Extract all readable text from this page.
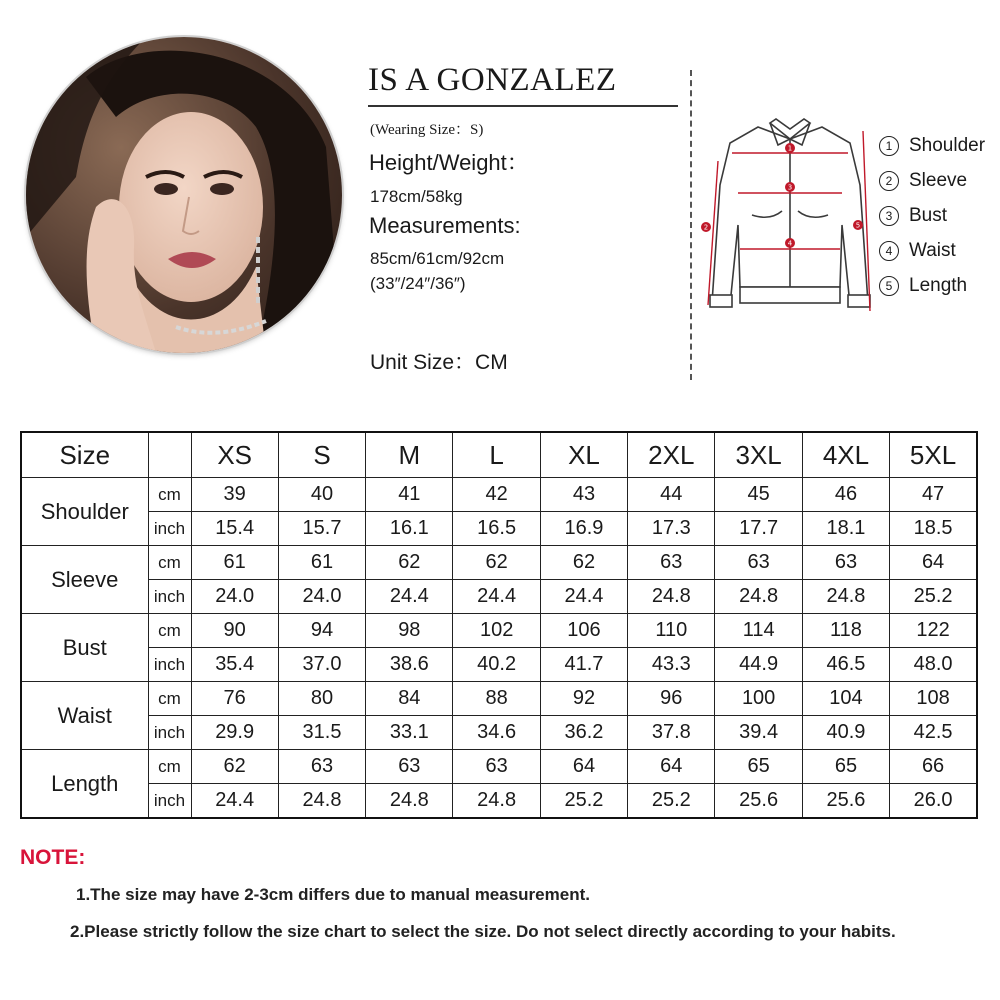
IS A GONZALEZ
(Wearing Size：S)
Height/Weight：
178cm/58kg
Measurements:
85cm/61cm/92cm
(33″/24″/36″)
Unit Size：CM
1
2
3
4
5
1 Shoulder
2 Sleeve
3 Bust
4 Waist
5 Length
Size		XS	S	M	L	XL	2XL	3XL	4XL	5XL
Shoulder	cm	39	40	41	42	43	44	45	46	47
	inch	15.4	15.7	16.1	16.5	16.9	17.3	17.7	18.1	18.5
Sleeve	cm	61	61	62	62	62	63	63	63	64
	inch	24.0	24.0	24.4	24.4	24.4	24.8	24.8	24.8	25.2
Bust	cm	90	94	98	102	106	110	114	118	122
	inch	35.4	37.0	38.6	40.2	41.7	43.3	44.9	46.5	48.0
Waist	cm	76	80	84	88	92	96	100	104	108
	inch	29.9	31.5	33.1	34.6	36.2	37.8	39.4	40.9	42.5
Length	cm	62	63	63	63	64	64	65	65	66
	inch	24.4	24.8	24.8	24.8	25.2	25.2	25.6	25.6	26.0
NOTE:
1.The size may have 2-3cm differs due to manual measurement.
2.Please strictly follow the size chart to select the size. Do not select directly according to your habits.
